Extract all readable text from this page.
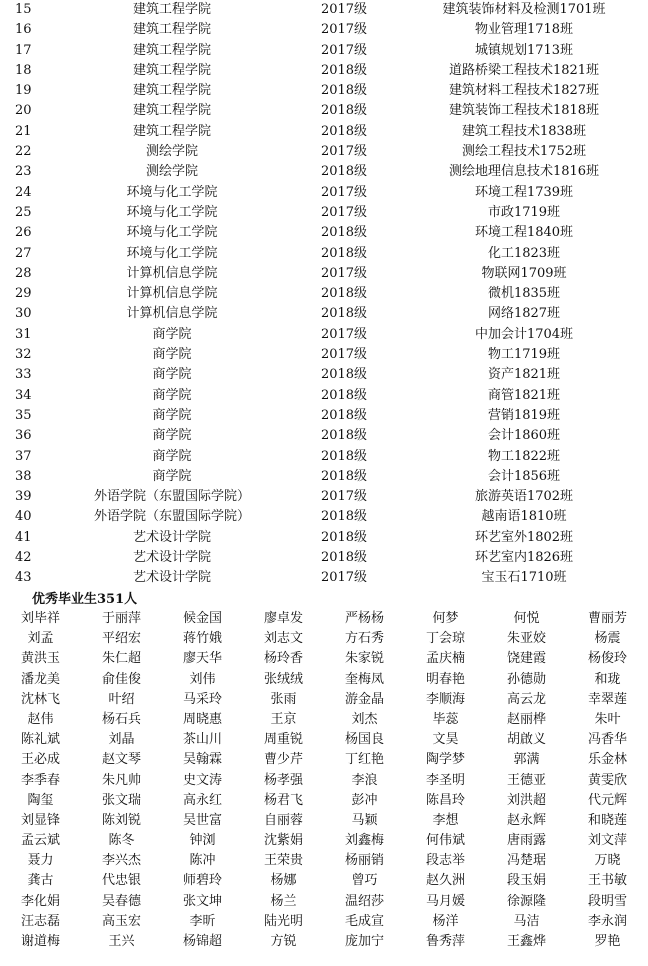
15	建筑工程学院	2017级	建筑装饰材料及检测1701班
16	建筑工程学院	2017级	物业管理1718班
17	建筑工程学院	2017级	城镇规划1713班
18	建筑工程学院	2018级	道路桥梁工程技术1821班
19	建筑工程学院	2018级	建筑材料工程技术1827班
20	建筑工程学院	2018级	建筑装饰工程技术1818班
21	建筑工程学院	2018级	建筑工程技术1838班
22	测绘学院	2017级	测绘工程技术1752班
23	测绘学院	2018级	测绘地理信息技术1816班
24	环境与化工学院	2017级	环境工程1739班
25	环境与化工学院	2017级	市政1719班
26	环境与化工学院	2018级	环境工程1840班
27	环境与化工学院	2018级	化工1823班
28	计算机信息学院	2017级	物联网1709班
29	计算机信息学院	2018级	微机1835班
30	计算机信息学院	2018级	网络1827班
31	商学院	2017级	中加会计1704班
32	商学院	2017级	物工1719班
33	商学院	2018级	资产1821班
34	商学院	2018级	商管1821班
35	商学院	2018级	营销1819班
36	商学院	2018级	会计1860班
37	商学院	2018级	物工1822班
38	商学院	2018级	会计1856班
39	外语学院（东盟国际学院）	2017级	旅游英语1702班
40	外语学院（东盟国际学院）	2018级	越南语1810班
41	艺术设计学院	2018级	环艺室外1802班
42	艺术设计学院	2018级	环艺室内1826班
43	艺术设计学院	2017级	宝玉石1710班
优秀毕业生351人
刘毕祥	于丽萍	候金国	廖卓发	严杨杨	何梦	何悦	曹丽芳
刘孟	平绍宏	蒋竹娥	刘志文	方石秀	丁会琼	朱亚姣	杨震
黄洪玉	朱仁超	廖天华	杨玲香	朱家锐	孟庆楠	饶建霞	杨俊玲
潘龙美	俞佳俊	刘伟	张绒绒	奎梅凤	明春艳	孙德勋	和珑
沈林飞	叶绍	马采玲	张雨	游金晶	李顺海	高云龙	幸翠莲
赵伟	杨石兵	周晓惠	王京	刘杰	毕蕊	赵丽桦	朱叶
陈礼斌	刘晶	茶山川	周重锐	杨国良	文昊	胡啟义	冯香华
王必成	赵文琴	吴翰霖	曹少芹	丁红艳	陶学梦	郭满	乐金林
李季春	朱凡帅	史文涛	杨孝强	李浪	李圣明	王德亚	黄雯欣
陶玺	张文瑞	高永红	杨君飞	彭冲	陈昌玲	刘洪超	代元辉
刘显锋	陈刘锐	吴世富	自丽蓉	马颖	李想	赵永辉	和晓莲
孟云斌	陈冬	钟浏	沈紫娟	刘鑫梅	何伟斌	唐雨露	刘文萍
聂力	李兴杰	陈冲	王荣贵	杨丽销	段志举	冯楚琚	万晓
龚古	代忠银	师碧玲	杨娜	曾巧	赵久洲	段玉娟	王书敏
李化娟	吴春德	张文坤	杨兰	温绍莎	马月媛	徐源隆	段明雪
汪志磊	高玉宏	李昕	陆光明	毛成宣	杨洋	马洁	李永润
谢道梅	王兴	杨锦超	方锐	庞加宁	鲁秀萍	王鑫烨	罗艳
